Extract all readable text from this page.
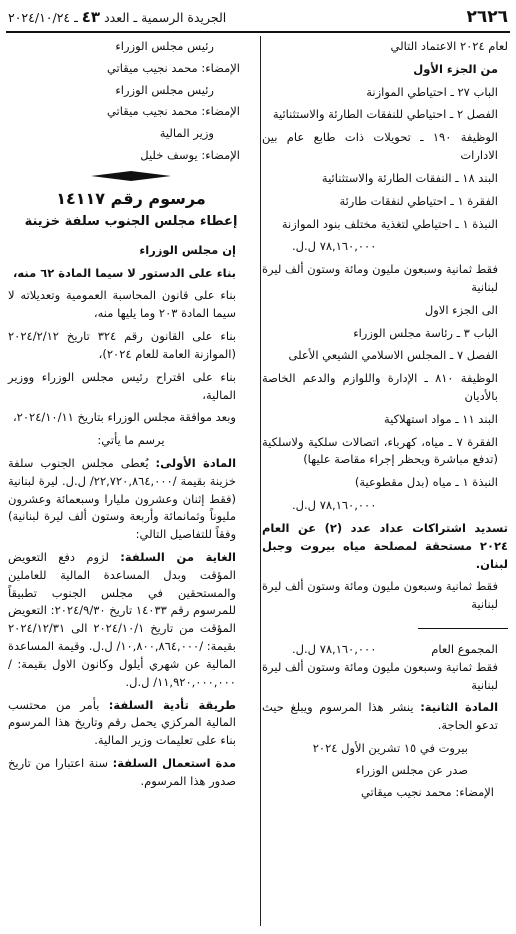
٢٦٢٦
الجريدة الرسمية ـ العدد ٤٣ ـ ٢٠٢٤/١٠/٢٤

لعام ٢٠٢٤ الاعتماد التالي

من الجزء الأول

الباب ٢٧ ـ احتياطي الموازنة

الفصل ٢ ـ احتياطي للنفقات الطارئة والاستثنائية

الوظيفة ١٩٠ ـ تحويلات ذات طابع عام بين الادارات

البند ١٨ ـ النفقات الطارئة والاستثنائية

الفقرة ١ ـ احتياطي لنفقات طارئة

النبذة ١ ـ احتياطي لتغذية مختلف بنود الموازنة

٧٨,١٦٠,٠٠٠ ل.ل.

فقط ثمانية وسبعون مليون ومائة وستون ألف ليرة لبنانية

الى الجزء الاول

الباب ٣ ـ رئاسة مجلس الوزراء

الفصل ٧ ـ المجلس الاسلامي الشيعي الأعلى

الوظيفة ٨١٠ ـ الإدارة واللوازم والدعم الخاصة بالأديان

البند ١١ ـ مواد استهلاكية

الفقرة ٧ ـ مياه، كهرباء، اتصالات سلكية ولاسلكية (تدفع مباشرة ويحظر إجراء مقاصة عليها)

النبذة ١ ـ مياه (بدل مقطوعية)

٧٨,١٦٠,٠٠٠ ل.ل.

تسديد اشتراكات عداد عدد (٢) عن العام ٢٠٢٤ مستحقة لمصلحة مياه بيروت وجبل لبنان.

فقط ثمانية وسبعون مليون ومائة وستون ألف ليرة لبنانية

المجموع العام
٧٨,١٦٠,٠٠٠ ل.ل.

فقط ثمانية وسبعون مليون ومائة وستون ألف ليرة لبنانية

المادة الثانية: ينشر هذا المرسوم ويبلغ حيث تدعو الحاجة.

بيروت في ١٥ تشرين الأول ٢٠٢٤

صدر عن مجلس الوزراء

الإمضاء: محمد نجيب ميقاتي

رئيس مجلس الوزراء

الإمضاء: محمد نجيب ميقاتي

رئيس مجلس الوزراء

الإمضاء: محمد نجيب ميقاتي

وزير المالية

الإمضاء: يوسف خليل

مرسوم رقم ١٤١١٧

إعطاء مجلس الجنوب سلفة خزينة

إن مجلس الوزراء

بناء على الدستور لا سيما المادة ٦٢ منه،

بناء على قانون المحاسبة العمومية وتعديلاته لا سيما المادة ٢٠٣ وما يليها منه،

بناء على القانون رقم ٣٢٤ تاريخ ٢٠٢٤/٢/١٢ (الموازنة العامة للعام ٢٠٢٤)،

بناء على اقتراح رئيس مجلس الوزراء ووزير المالية،

وبعد موافقة مجلس الوزراء بتاريخ ٢٠٢٤/١٠/١١،

يرسم ما يأتي:

المادة الأولى: يُعطى مجلس الجنوب سلفة خزينة بقيمة /٢٢,٧٢٠,٨٦٤,٠٠٠/ ل.ل. ليرة لبنانية (فقط إثنان وعشرون مليارا وسبعمائة وعشرون مليوناً وثمانمائة وأربعة وستون ألف ليرة لبنانية) وفقاً للتفاصيل التالي:

الغاية من السلفة: لزوم دفع التعويض المؤقت وبدل المساعدة المالية للعاملين والمستحقين في مجلس الجنوب تطبيقاً للمرسوم رقم ١٤٠٣٣ تاريخ ٢٠٢٤/٩/٣٠: التعويض المؤقت من تاريخ ٢٠٢٤/١٠/١ الى ٢٠٢٤/١٢/٣١ بقيمة: /١٠,٨٠٠,٨٦٤,٠٠٠/ ل.ل. وقيمة المساعدة المالية عن شهري أيلول وكانون الاول بقيمة: /١١,٩٢٠,٠٠٠,٠٠٠/ ل.ل.

طريقة تأدية السلفة: بأمر من محتسب المالية المركزي يحمل رقم وتاريخ هذا المرسوم بناء على تعليمات وزير المالية.

مدة استعمال السلفة: سنة اعتبارا من تاريخ صدور هذا المرسوم.
